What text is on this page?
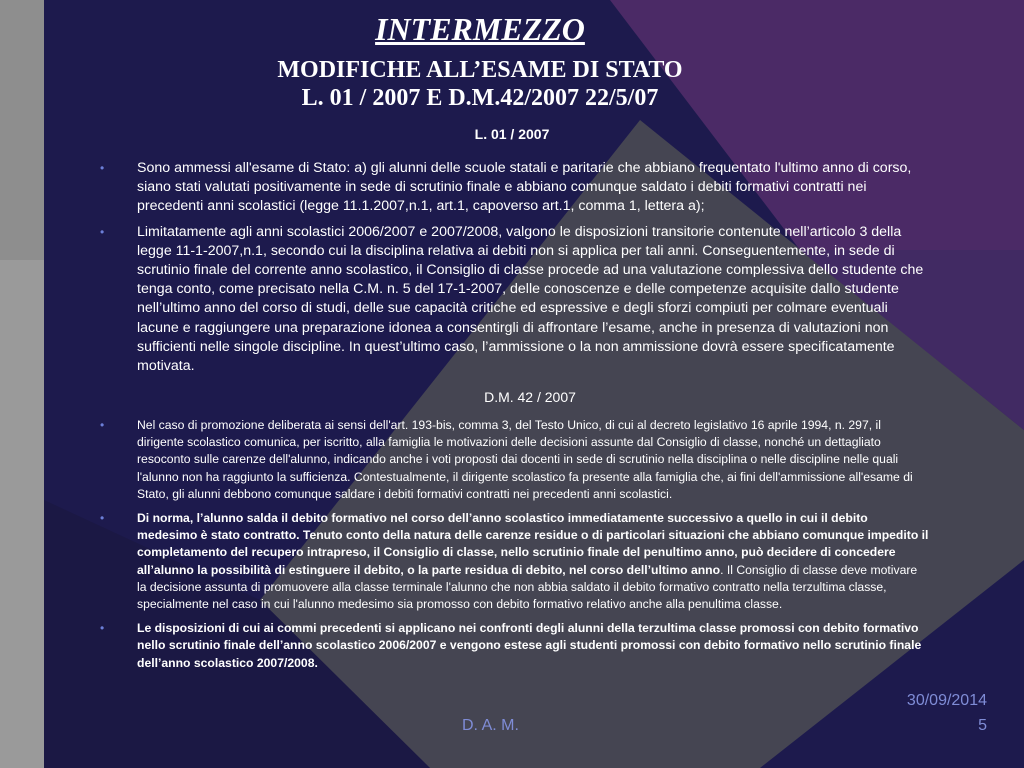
INTERMEZZO
MODIFICHE ALL’ESAME DI STATO
L. 01 / 2007 E D.M.42/2007 22/5/07
L. 01 / 2007
• Sono ammessi all'esame di Stato: a) gli alunni delle scuole statali e paritarie che abbiano frequentato l'ultimo anno di corso, siano stati valutati positivamente in sede di scrutinio finale e abbiano comunque saldato i debiti formativi contratti nei precedenti anni scolastici (legge 11.1.2007,n.1, art.1, capoverso art.1, comma 1, lettera a);
• Limitatamente agli anni scolastici 2006/2007 e 2007/2008, valgono le disposizioni transitorie contenute nell’articolo 3 della legge 11-1-2007,n.1, secondo cui la disciplina relativa ai debiti non si applica per tali anni. Conseguentemente, in sede di scrutinio finale del corrente anno scolastico, il Consiglio di classe procede ad una valutazione complessiva dello studente che tenga conto, come precisato nella C.M. n. 5 del 17-1-2007, delle conoscenze e delle competenze acquisite dallo studente nell’ultimo anno del corso di studi, delle sue capacità critiche ed espressive e degli sforzi compiuti per colmare eventuali lacune e raggiungere una preparazione idonea a consentirgli di affrontare l’esame, anche in presenza di valutazioni non sufficienti nelle singole discipline. In quest’ultimo caso, l’ammissione o la non ammissione dovrà essere specificatamente motivata.
D.M. 42 / 2007
•	Nel caso di promozione deliberata ai sensi dell'art. 193-bis, comma 3, del Testo Unico, di cui al decreto legislativo 16 aprile 1994, n. 297, il dirigente scolastico comunica, per iscritto, alla famiglia le motivazioni delle decisioni assunte dal Consiglio di classe, nonché un dettagliato resoconto sulle carenze dell'alunno, indicando anche i voti proposti dai docenti in sede di scrutinio nella disciplina o nelle discipline nelle quali l'alunno non ha raggiunto la sufficienza. Contestualmente, il dirigente scolastico fa presente alla famiglia che, ai fini dell'ammissione all'esame di Stato, gli alunni debbono comunque saldare i debiti formativi contratti nei precedenti anni scolastici.
•	Di norma, l’alunno salda il debito formativo nel corso dell’anno scolastico immediatamente successivo a quello in cui il debito medesimo è stato contratto. Tenuto conto della natura delle carenze residue o di particolari situazioni che abbiano comunque impedito il completamento del recupero intrapreso, il Consiglio di classe, nello scrutinio finale del penultimo anno, può decidere di concedere all’alunno la possibilità di estinguere il debito, o la parte residua di debito, nel corso dell’ultimo anno. Il Consiglio di classe deve motivare la decisione assunta di promuovere alla classe terminale l'alunno che non abbia saldato il debito formativo contratto nella terzultima classe, specialmente nel caso in cui l'alunno medesimo sia promosso con debito formativo relativo anche alla penultima classe.
•	Le disposizioni di cui ai commi precedenti si applicano nei confronti degli alunni della terzultima classe promossi con debito formativo nello scrutinio finale dell’anno scolastico 2006/2007 e vengono estese agli studenti promossi con debito formativo nello scrutinio finale dell’anno scolastico 2007/2008.
D. A. M.
30/09/2014
5
